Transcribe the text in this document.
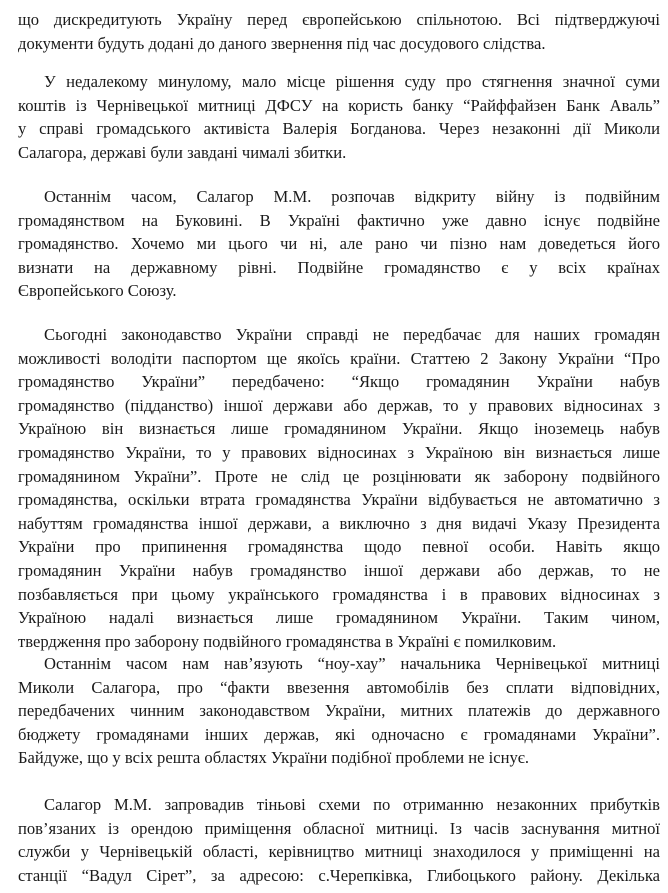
що дискредитують Україну перед європейською спільнотою. Всі підтверджуючі
документи будуть додані до даного звернення під час досудового слідства.
У недалекому минулому, мало місце рішення суду про стягнення значної суми
коштів із Чернівецької митниці ДФСУ на користь банку “Райффайзен Банк Аваль”
у справі громадського активіста Валерія Богданова. Через незаконні дії Миколи
Салагора, державі були завдані чималі збитки.
Останнім часом, Салагор М.М. розпочав відкриту війну із подвійним
громадянством на Буковині. В Україні фактично уже давно існує подвійне
громадянство. Хочемо ми цього чи ні, але рано чи пізно нам доведеться його
визнати на державному рівні. Подвійне громадянство є у всіх країнах
Європейського Союзу.
Сьогодні законодавство України справді не передбачає для наших громадян
можливості володіти паспортом ще якоїсь країни. Статтею 2 Закону України “Про
громадянство України” передбачено: “Якщо громадянин України набув
громадянство (підданство) іншої держави або держав, то у правових відносинах з
Україною він визнається лише громадянином України. Якщо іноземець набув
громадянство України, то у правових відносинах з Україною він визнається лише
громадянином України”. Проте не слід це розцінювати як заборону подвійного
громадянства, оскільки втрата громадянства України відбувається не автоматично з
набуттям громадянства іншої держави, а виключно з дня видачі Указу Президента
України про припинення громадянства щодо певної особи. Навіть якщо
громадянин України набув громадянство іншої держави або держав, то не
позбавляється при цьому українського громадянства і в правових відносинах з
Україною надалі визнається лише громадянином України. Таким чином,
твердження про заборону подвійного громадянства в Україні є помилковим.
Останнім часом нам нав’язують “ноу-хау” начальника Чернівецької митниці
Миколи Салагора, про “факти ввезення автомобілів без сплати відповідних,
передбачених чинним законодавством України, митних платежів до державного
бюджету громадянами інших держав, які одночасно є громадянами України”.
Байдуже, що у всіх решта областях України подібної проблеми не існує.
Салагор М.М. запровадив тіньові схеми по отриманню незаконних прибутків
пов’язаних із орендою приміщення обласної митниці. Із часів заснування митної
служби у Чернівецькій області, керівництво митниці знаходилося у приміщенні на
станції “Вадул Сірет”, за адресою: с.Черепківка, Глибоцького району. Декілька
